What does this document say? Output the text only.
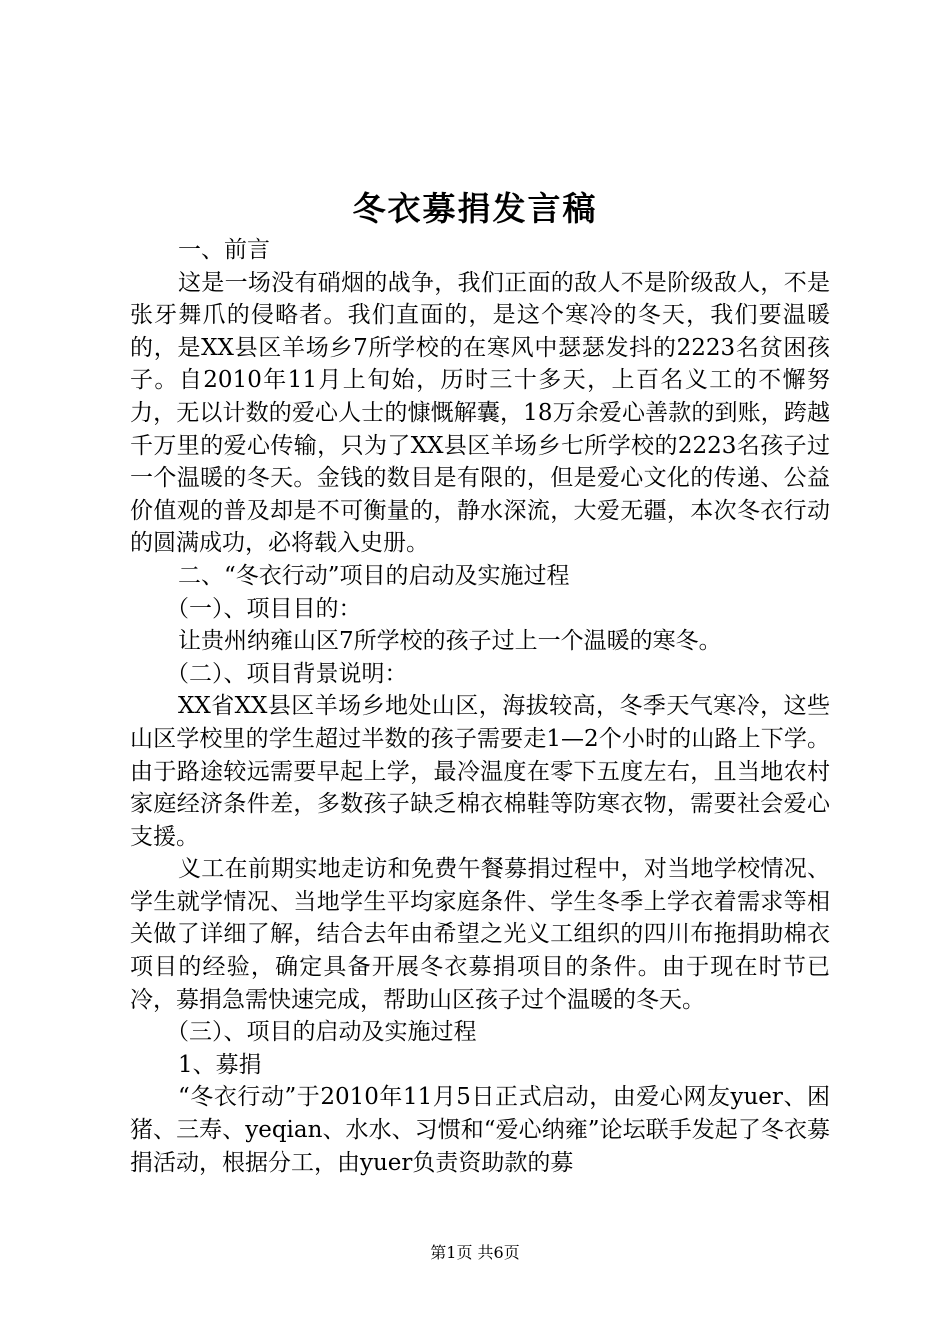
冬衣募捐发言稿

一、前言

这是一场没有硝烟的战争，我们正面的敌人不是阶级敌人，不是张牙舞爪的侵略者。我们直面的，是这个寒冷的冬天，我们要温暖的，是XX县区羊场乡7所学校的在寒风中瑟瑟发抖的2223名贫困孩子。自2010年11月上旬始，历时三十多天，上百名义工的不懈努力，无以计数的爱心人士的慷慨解囊，18万余爱心善款的到账，跨越千万里的爱心传输，只为了XX县区羊场乡七所学校的2223名孩子过一个温暖的冬天。金钱的数目是有限的，但是爱心文化的传递、公益价值观的普及却是不可衡量的，静水深流，大爱无疆，本次冬衣行动的圆满成功，必将载入史册。

二、“冬衣行动”项目的启动及实施过程

（一）、项目目的：

让贵州纳雍山区7所学校的孩子过上一个温暖的寒冬。

（二）、项目背景说明：

XX省XX县区羊场乡地处山区，海拔较高，冬季天气寒冷，这些山区学校里的学生超过半数的孩子需要走1—2个小时的山路上下学。由于路途较远需要早起上学，最冷温度在零下五度左右，且当地农村家庭经济条件差，多数孩子缺乏棉衣棉鞋等防寒衣物，需要社会爱心支援。

义工在前期实地走访和免费午餐募捐过程中，对当地学校情况、学生就学情况、当地学生平均家庭条件、学生冬季上学衣着需求等相关做了详细了解，结合去年由希望之光义工组织的四川布拖捐助棉衣项目的经验，确定具备开展冬衣募捐项目的条件。由于现在时节已冷，募捐急需快速完成，帮助山区孩子过个温暖的冬天。

（三）、项目的启动及实施过程

1、募捐

“冬衣行动”于2010年11月5日正式启动，由爱心网友yuer、困猪、三寿、yeqian、水水、习惯和“爱心纳雍”论坛联手发起了冬衣募捐活动，根据分工，由yuer负责资助款的募

第1页 共6页
